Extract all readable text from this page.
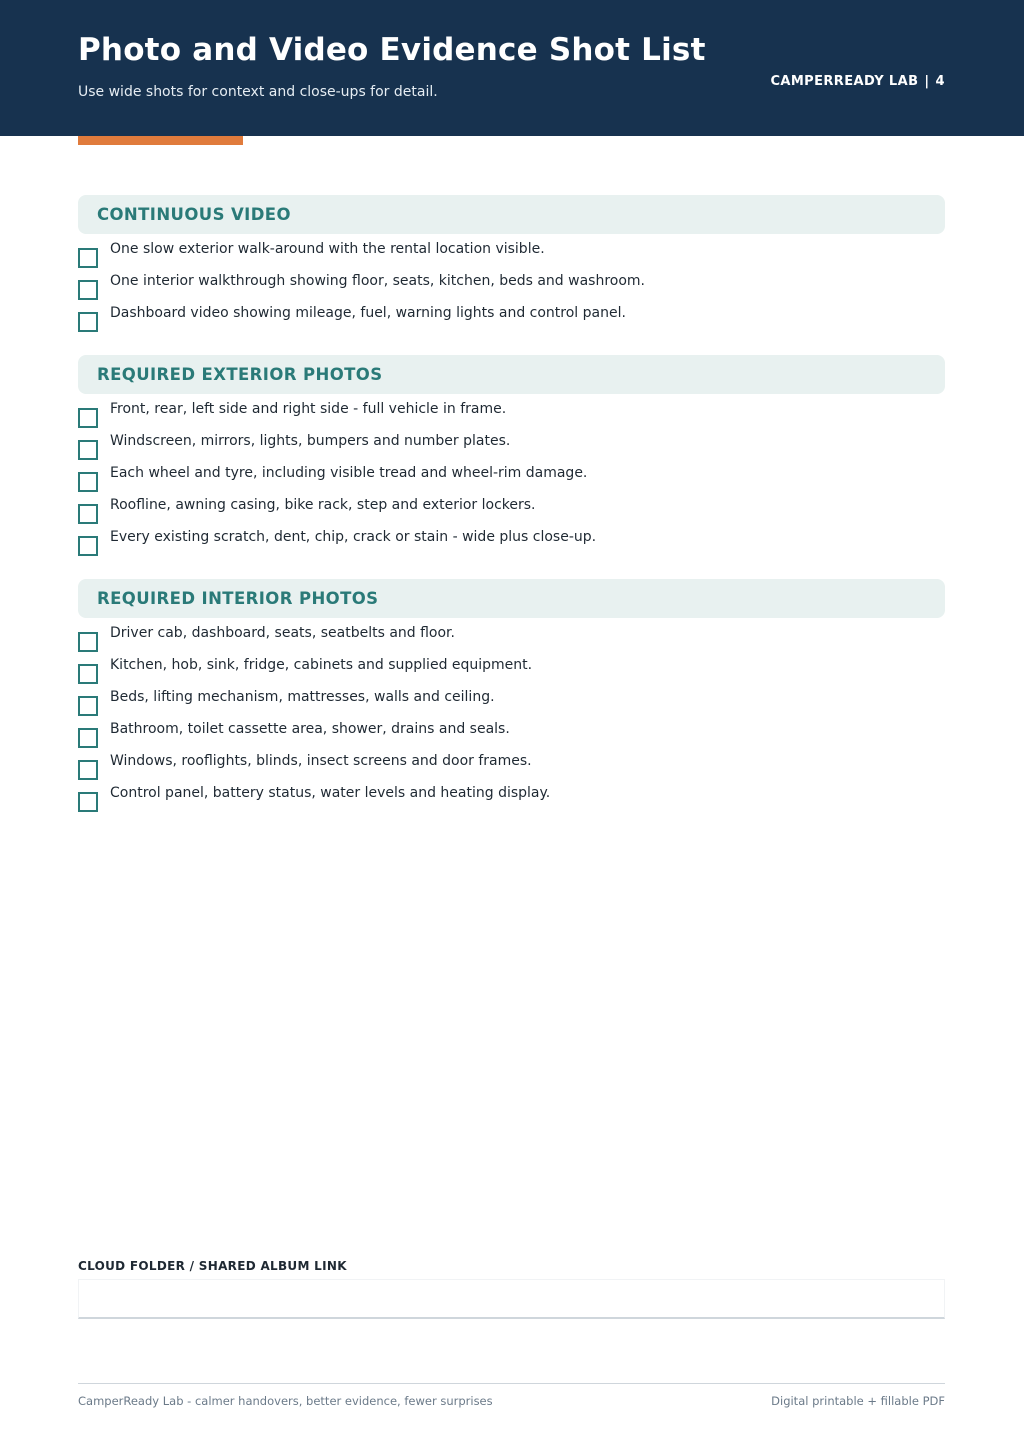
Photo and Video Evidence Shot List
Use wide shots for context and close-ups for detail.
CAMPERREADY LAB | 4
CONTINUOUS VIDEO
One slow exterior walk-around with the rental location visible.
One interior walkthrough showing floor, seats, kitchen, beds and washroom.
Dashboard video showing mileage, fuel, warning lights and control panel.
REQUIRED EXTERIOR PHOTOS
Front, rear, left side and right side - full vehicle in frame.
Windscreen, mirrors, lights, bumpers and number plates.
Each wheel and tyre, including visible tread and wheel-rim damage.
Roofline, awning casing, bike rack, step and exterior lockers.
Every existing scratch, dent, chip, crack or stain - wide plus close-up.
REQUIRED INTERIOR PHOTOS
Driver cab, dashboard, seats, seatbelts and floor.
Kitchen, hob, sink, fridge, cabinets and supplied equipment.
Beds, lifting mechanism, mattresses, walls and ceiling.
Bathroom, toilet cassette area, shower, drains and seals.
Windows, rooflights, blinds, insect screens and door frames.
Control panel, battery status, water levels and heating display.
CLOUD FOLDER / SHARED ALBUM LINK
CamperReady Lab - calmer handovers, better evidence, fewer surprises	Digital printable + fillable PDF
